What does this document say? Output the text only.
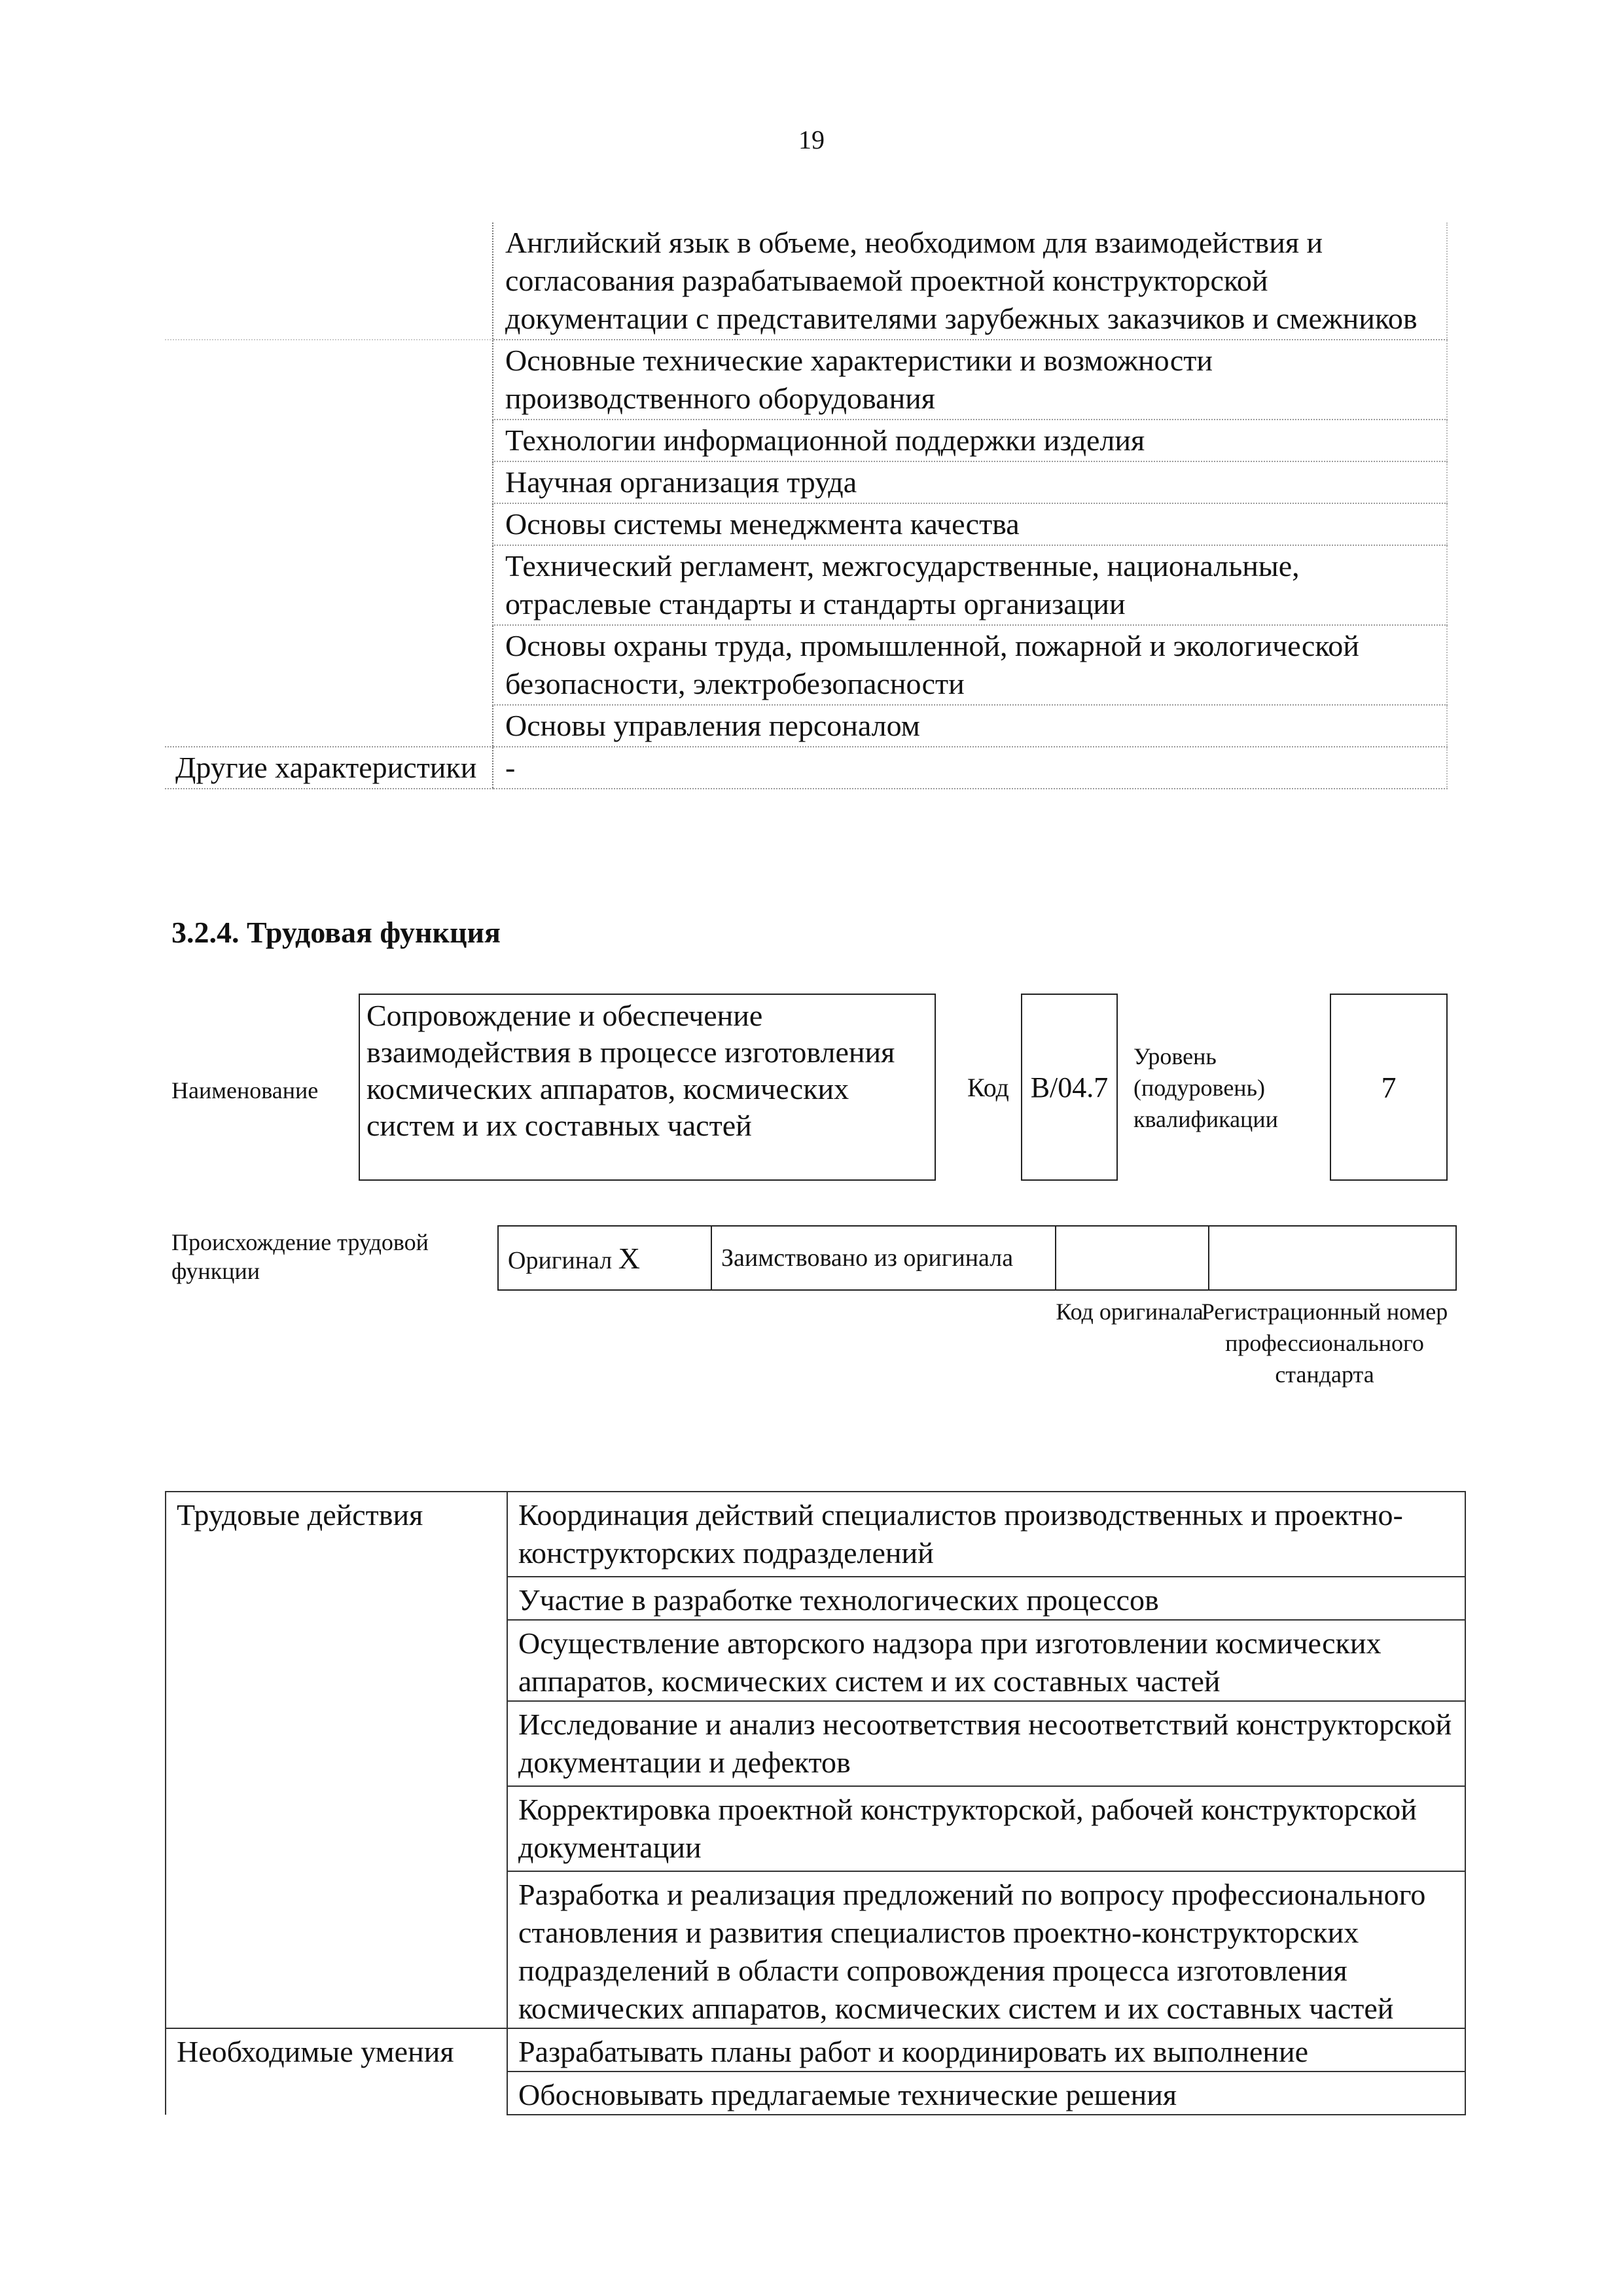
19
	Английский язык в объеме, необходимом для взаимодействия и согласования разрабатываемой проектной конструкторской документации с представителями зарубежных заказчиков и смежников
	Основные технические характеристики и возможности производственного оборудования
	Технологии информационной поддержки изделия
	Научная организация труда
	Основы системы менеджмента качества
	Технический регламент, межгосударственные, национальные, отраслевые стандарты и стандарты организации
	Основы охраны труда, промышленной, пожарной и экологической безопасности, электробезопасности
	Основы управления персоналом
Другие характеристики	-
3.2.4. Трудовая функция
Наименование
Сопровождение и обеспечение взаимодействия в процессе изготовления космических аппаратов, космических систем и их составных частей
Код B/04.7
Уровень (подуровень) квалификации
7
Происхождение трудовой функции	Оригинал X	Заимствовано из оригинала		
Код оригинала
Регистрационный номер профессионального стандарта
Трудовые действия	Координация действий специалистов производственных и проектно-конструкторских подразделений
	Участие в разработке технологических процессов
	Осуществление авторского надзора при изготовлении космических аппаратов, космических систем и их составных частей
	Исследование и анализ несоответствия несоответствий конструкторской документации и дефектов
	Корректировка проектной конструкторской, рабочей конструкторской документации
	Разработка и реализация предложений по вопросу профессионального становления и развития специалистов проектно-конструкторских подразделений в области сопровождения процесса изготовления космических аппаратов, космических систем и их составных частей
Необходимые умения	Разрабатывать планы работ и координировать их выполнение
	Обосновывать предлагаемые технические решения
